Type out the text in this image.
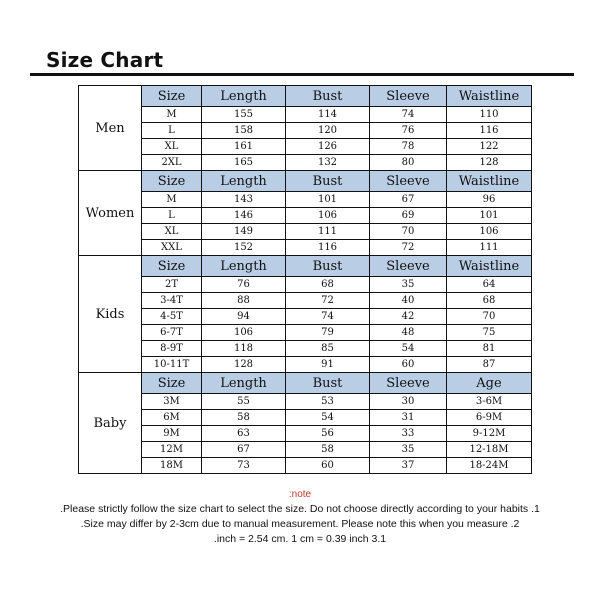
Size Chart
Men	Size	Length	Bust	Sleeve	Waistline
	M	155	114	74	110
	L	158	120	76	116
	XL	161	126	78	122
	2XL	165	132	80	128
Women	Size	Length	Bust	Sleeve	Waistline
	M	143	101	67	96
	L	146	106	69	101
	XL	149	111	70	106
	XXL	152	116	72	111
Kids	Size	Length	Bust	Sleeve	Waistline
	2T	76	68	35	64
	3-4T	88	72	40	68
	4-5T	94	74	42	70
	6-7T	106	79	48	75
	8-9T	118	85	54	81
	10-11T	128	91	60	87
Baby	Size	Length	Bust	Sleeve	Age
	3M	55	53	30	3-6M
	6M	58	54	31	6-9M
	9M	63	56	33	9-12M
	12M	67	58	35	12-18M
	18M	73	60	37	18-24M
:note
.Please strictly follow the size chart to select the size. Do not choose directly according to your habits .1
.Size may differ by 2-3cm due to manual measurement. Please note this when you measure .2
.inch = 2.54 cm. 1 cm = 0.39 inch 3.1
